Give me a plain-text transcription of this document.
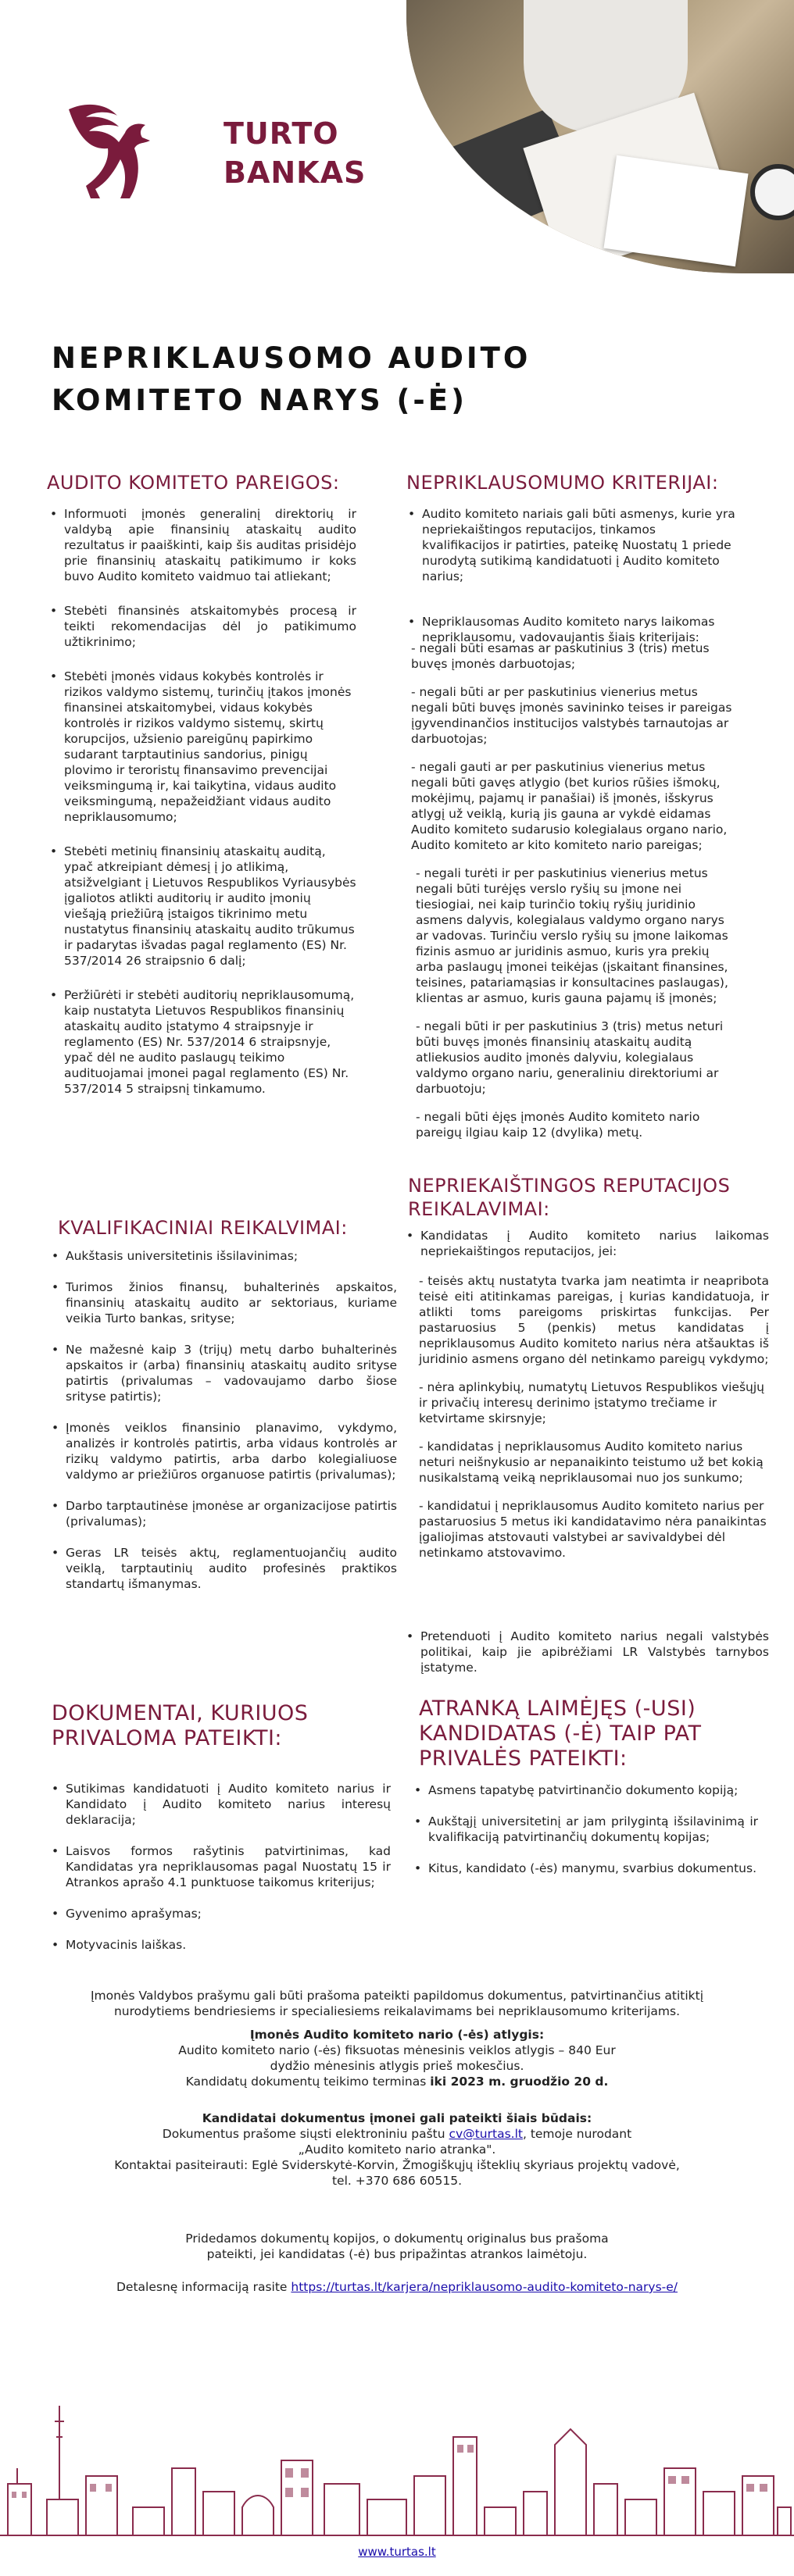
TURTO
BANKAS
NEPRIKLAUSOMO AUDITO
KOMITETO NARYS (-Ė)
AUDITO KOMITETO PAREIGOS:
• Informuoti įmonės generalinį direktorių ir valdybą apie finansinių ataskaitų audito rezultatus ir paaiškinti, kaip šis auditas prisidėjo prie finansinių ataskaitų patikimumo ir koks buvo Audito komiteto vaidmuo tai atliekant;
• Stebėti finansinės atskaitomybės procesą ir teikti rekomendacijas dėl jo patikimumo užtikrinimo;
• Stebėti įmonės vidaus kokybės kontrolės ir rizikos valdymo sistemų, turinčių įtakos įmonės finansinei atskaitomybei, vidaus kokybės kontrolės ir rizikos valdymo sistemų, skirtų korupcijos, užsienio pareigūnų papirkimo sudarant tarptautinius sandorius, pinigų plovimo ir teroristų finansavimo prevencijai veiksmingumą ir, kai taikytina, vidaus audito veiksmingumą, nepažeidžiant vidaus audito nepriklausomumo;
• Stebėti metinių finansinių ataskaitų auditą, ypač atkreipiant dėmesį į jo atlikimą, atsižvelgiant į Lietuvos Respublikos Vyriausybės įgaliotos atlikti auditorių ir audito įmonių viešąją priežiūrą įstaigos tikrinimo metu nustatytus finansinių ataskaitų audito trūkumus ir padarytas išvadas pagal reglamento (ES) Nr. 537/2014 26 straipsnio 6 dalį;
• Peržiūrėti ir stebėti auditorių nepriklausomumą, kaip nustatyta Lietuvos Respublikos finansinių ataskaitų audito įstatymo 4 straipsnyje ir reglamento (ES) Nr. 537/2014 6 straipsnyje, ypač dėl ne audito paslaugų teikimo audituojamai įmonei pagal reglamento (ES) Nr. 537/2014 5 straipsnį tinkamumo.
NEPRIKLAUSOMUMO KRITERIJAI:
• Audito komiteto nariais gali būti asmenys, kurie yra nepriekaištingos reputacijos, tinkamos kvalifikacijos ir patirties, pateikę Nuostatų 1 priede nurodytą sutikimą kandidatuoti į Audito komiteto narius;
• Nepriklausomas Audito komiteto narys laikomas nepriklausomu, vadovaujantis šiais kriterijais:

- negali būti esamas ar paskutinius 3 (tris) metus buvęs įmonės darbuotojas;

- negali būti ar per paskutinius vienerius metus negali būti buvęs įmonės savininko teises ir pareigas įgyvendinančios institucijos valstybės tarnautojas ar darbuotojas;

- negali gauti ar per paskutinius vienerius metus negali būti gavęs atlygio (bet kurios rūšies išmokų, mokėjimų, pajamų ir panašiai) iš įmonės, išskyrus atlygį už veiklą, kurią jis gauna ar vykdė eidamas Audito komiteto sudarusio kolegialaus organo nario, Audito komiteto ar kito komiteto nario pareigas;

- negali turėti ir per paskutinius vienerius metus negali būti turėjęs verslo ryšių su įmone nei tiesiogiai, nei kaip turinčio tokių ryšių juridinio asmens dalyvis, kolegialaus valdymo organo narys ar vadovas. Turinčiu verslo ryšių su įmone laikomas fizinis asmuo ar juridinis asmuo, kuris yra prekių arba paslaugų įmonei teikėjas (įskaitant finansines, teisines, patariamąsias ir konsultacines paslaugas), klientas ar asmuo, kuris gauna pajamų iš įmonės;

- negali būti ir per paskutinius 3 (tris) metus neturi būti buvęs įmonės finansinių ataskaitų auditą atliekusios audito įmonės dalyviu, kolegialaus valdymo organo nariu, generaliniu direktoriumi ar darbuotoju;

- negali būti ėjęs įmonės Audito komiteto nario pareigų ilgiau kaip 12 (dvylika) metų.

KVALIFIKACINIAI REIKALVIMAI:
• Aukštasis universitetinis išsilavinimas;
• Turimos žinios finansų, buhalterinės apskaitos, finansinių ataskaitų audito ar sektoriaus, kuriame veikia Turto bankas, srityse;
• Ne mažesnė kaip 3 (trijų) metų darbo buhalterinės apskaitos ir (arba) finansinių ataskaitų audito srityse patirtis (privalumas – vadovaujamo darbo šiose srityse patirtis);
• Įmonės veiklos finansinio planavimo, vykdymo, analizės ir kontrolės patirtis, arba vidaus kontrolės ar rizikų valdymo patirtis, arba darbo kolegialiuose valdymo ar priežiūros organuose patirtis (privalumas);
• Darbo tarptautinėse įmonėse ar organizacijose patirtis (privalumas);
• Geras LR teisės aktų, reglamentuojančių audito veiklą, tarptautinių audito profesinės praktikos standartų išmanymas.
NEPRIEKAIŠTINGOS REPUTACIJOS
REIKALAVIMAI:
• Kandidatas į Audito komiteto narius laikomas nepriekaištingos reputacijos, jei:

- teisės aktų nustatyta tvarka jam neatimta ir neapribota teisė eiti atitinkamas pareigas, į kurias kandidatuoja, ir atlikti toms pareigoms priskirtas funkcijas. Per pastaruosius 5 (penkis) metus kandidatas į nepriklausomus Audito komiteto narius nėra atšauktas iš juridinio asmens organo dėl netinkamo pareigų vykdymo;

- nėra aplinkybių, numatytų Lietuvos Respublikos viešųjų ir privačių interesų derinimo įstatymo trečiame ir ketvirtame skirsnyje;

- kandidatas į nepriklausomus Audito komiteto narius neturi neišnykusio ar nepanaikinto teistumo už bet kokią nusikalstamą veiką nepriklausomai nuo jos sunkumo;

- kandidatui į nepriklausomus Audito komiteto narius per pastaruosius 5 metus iki kandidatavimo nėra panaikintas įgaliojimas atstovauti valstybei ar savivaldybei dėl netinkamo atstovavimo.

• Pretenduoti į Audito komiteto narius negali valstybės politikai, kaip jie apibrėžiami LR Valstybės tarnybos įstatyme.
DOKUMENTAI, KURIUOS
PRIVALOMA PATEIKTI:
• Sutikimas kandidatuoti į Audito komiteto narius ir Kandidato į Audito komiteto narius interesų deklaracija;
• Laisvos formos rašytinis patvirtinimas, kad Kandidatas yra nepriklausomas pagal Nuostatų 15 ir Atrankos aprašo 4.1 punktuose taikomus kriterijus;
• Gyvenimo aprašymas;
• Motyvacinis laiškas.
ATRANKĄ LAIMĖJĘS (-USI)
KANDIDATAS (-Ė) TAIP PAT
PRIVALĖS PATEIKTI:
• Asmens tapatybę patvirtinančio dokumento kopiją;
• Aukštąjį universitetinį ar jam prilygintą išsilavinimą ir kvalifikaciją patvirtinančių dokumentų kopijas;
• Kitus, kandidato (-ės) manymu, svarbius dokumentus.
Įmonės Valdybos prašymu gali būti prašoma pateikti papildomus dokumentus, patvirtinančius atitiktį nurodytiems bendriesiems ir specialiesiems reikalavimams bei nepriklausomumo kriterijams.

Įmonės Audito komiteto nario (-ės) atlygis:

Audito komiteto nario (-ės) fiksuotas mėnesinis veiklos atlygis – 840 Eur dydžio mėnesinis atlygis prieš mokesčius.

Kandidatų dokumentų teikimo terminas iki 2023 m. gruodžio 20 d.

Kandidatai dokumentus įmonei gali pateikti šiais būdais:

Dokumentus prašome siųsti elektroniniu paštu cv@turtas.lt, temoje nurodant

„Audito komiteto nario atranka".

Kontaktai pasiteirauti: Eglė Sviderskytė-Korvin, Žmogiškųjų išteklių skyriaus projektų vadovė,

tel. +370 686 60515.

Pridedamos dokumentų kopijos, o dokumentų originalus bus prašoma pateikti, jei kandidatas (-ė) bus pripažintas atrankos laimėtoju.
Detalesnę informaciją rasite https://turtas.lt/karjera/nepriklausomo-audito-komiteto-narys-e/
www.turtas.lt
